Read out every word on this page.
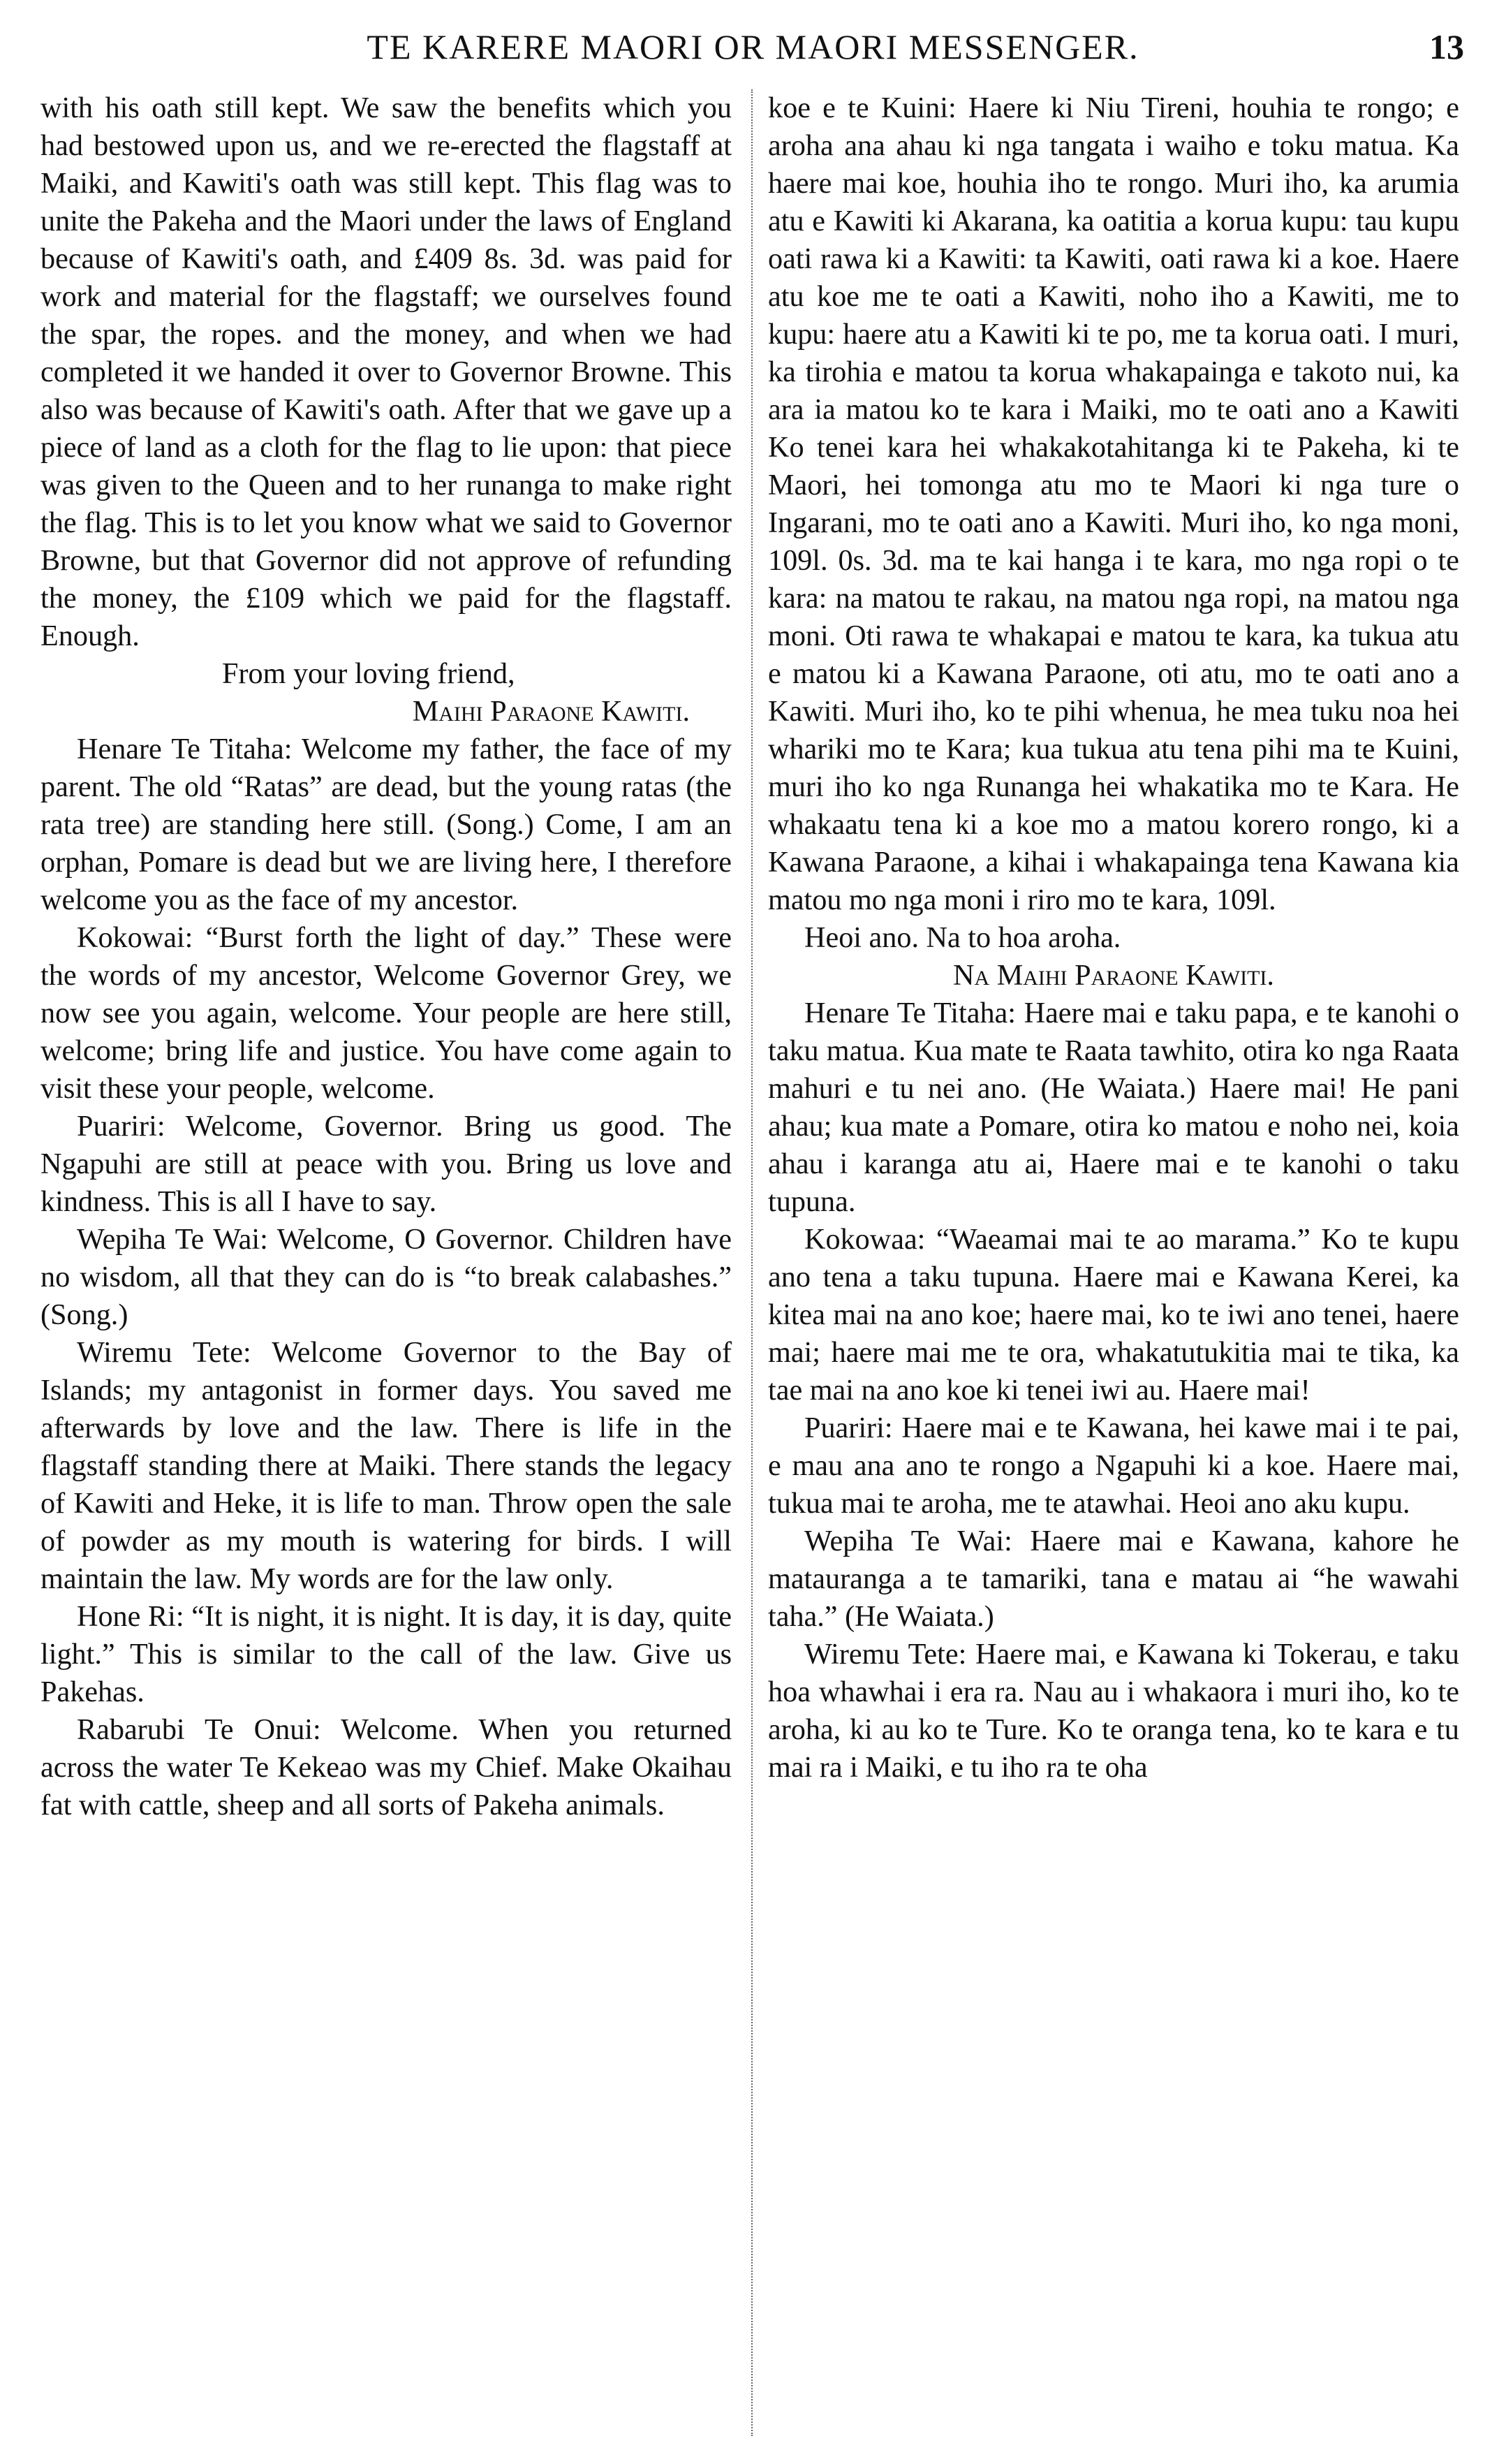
TE KARERE MAORI OR MAORI MESSENGER.	13

with his oath still kept. We saw the benefits which you had bestowed upon us, and we re-erected the flagstaff at Maiki, and Kawiti's oath was still kept. This flag was to unite the Pakeha and the Maori under the laws of England because of Kawiti's oath, and £409 8s. 3d. was paid for work and material for the flagstaff; we ourselves found the spar, the ropes. and the money, and when we had completed it we handed it over to Governor Browne. This also was because of Kawiti's oath. After that we gave up a piece of land as a cloth for the flag to lie upon: that piece was given to the Queen and to her runanga to make right the flag. This is to let you know what we said to Governor Browne, but that Governor did not approve of refunding the money, the £109 which we paid for the flagstaff. Enough.

From your loving friend,

Maihi Paraone Kawiti.

Henare Te Titaha: Welcome my father, the face of my parent. The old “Ratas” are dead, but the young ratas (the rata tree) are standing here still. (Song.) Come, I am an orphan, Pomare is dead but we are living here, I therefore welcome you as the face of my ancestor.

Kokowai: “Burst forth the light of day.” These were the words of my ancestor, Welcome Governor Grey, we now see you again, welcome. Your people are here still, welcome; bring life and justice. You have come again to visit these your people, welcome.

Puariri: Welcome, Governor. Bring us good. The Ngapuhi are still at peace with you. Bring us love and kindness. This is all I have to say.

Wepiha Te Wai: Welcome, O Governor. Children have no wisdom, all that they can do is “to break calabashes.” (Song.)

Wiremu Tete: Welcome Governor to the Bay of Islands; my antagonist in former days. You saved me afterwards by love and the law. There is life in the flagstaff standing there at Maiki. There stands the legacy of Kawiti and Heke, it is life to man. Throw open the sale of powder as my mouth is watering for birds. I will maintain the law. My words are for the law only.

Hone Ri: “It is night, it is night. It is day, it is day, quite light.” This is similar to the call of the law. Give us Pakehas.

Rabarubi Te Onui: Welcome. When you returned across the water Te Kekeao was my Chief. Make Okaihau fat with cattle, sheep and all sorts of Pakeha animals.

koe e te Kuini: Haere ki Niu Tireni, houhia te rongo; e aroha ana ahau ki nga tangata i waiho e toku matua. Ka haere mai koe, houhia iho te rongo. Muri iho, ka arumia atu e Kawiti ki Akarana, ka oatitia a korua kupu: tau kupu oati rawa ki a Kawiti: ta Kawiti, oati rawa ki a koe. Haere atu koe me te oati a Kawiti, noho iho a Kawiti, me to kupu: haere atu a Kawiti ki te po, me ta korua oati. I muri, ka tirohia e matou ta korua whakapainga e takoto nui, ka ara ia matou ko te kara i Maiki, mo te oati ano a Kawiti Ko tenei kara hei whakakotahitanga ki te Pakeha, ki te Maori, hei tomonga atu mo te Maori ki nga ture o Ingarani, mo te oati ano a Kawiti. Muri iho, ko nga moni, 109l. 0s. 3d. ma te kai hanga i te kara, mo nga ropi o te kara: na matou te rakau, na matou nga ropi, na matou nga moni. Oti rawa te whakapai e matou te kara, ka tukua atu e matou ki a Kawana Paraone, oti atu, mo te oati ano a Kawiti. Muri iho, ko te pihi whenua, he mea tuku noa hei whariki mo te Kara; kua tukua atu tena pihi ma te Kuini, muri iho ko nga Runanga hei whakatika mo te Kara. He whakaatu tena ki a koe mo a matou korero rongo, ki a Kawana Paraone, a kihai i whakapainga tena Kawana kia matou mo nga moni i riro mo te kara, 109l.

Heoi ano. Na to hoa aroha.

Na Maihi Paraone Kawiti.

Henare Te Titaha: Haere mai e taku papa, e te kanohi o taku matua. Kua mate te Raata tawhito, otira ko nga Raata mahuri e tu nei ano. (He Waiata.) Haere mai! He pani ahau; kua mate a Pomare, otira ko matou e noho nei, koia ahau i karanga atu ai, Haere mai e te kanohi o taku tupuna.

Kokowaa: “Waeamai mai te ao marama.” Ko te kupu ano tena a taku tupuna. Haere mai e Kawana Kerei, ka kitea mai na ano koe; haere mai, ko te iwi ano tenei, haere mai; haere mai me te ora, whakatutukitia mai te tika, ka tae mai na ano koe ki tenei iwi au. Haere mai!

Puariri: Haere mai e te Kawana, hei kawe mai i te pai, e mau ana ano te rongo a Ngapuhi ki a koe. Haere mai, tukua mai te aroha, me te atawhai. Heoi ano aku kupu.

Wepiha Te Wai: Haere mai e Kawana, kahore he matauranga a te tamariki, tana e matau ai “he wawahi taha.” (He Waiata.)

Wiremu Tete: Haere mai, e Kawana ki Tokerau, e taku hoa whawhai i era ra. Nau au i whakaora i muri iho, ko te aroha, ki au ko te Ture. Ko te oranga tena, ko te kara e tu mai ra i Maiki, e tu iho ra te oha
